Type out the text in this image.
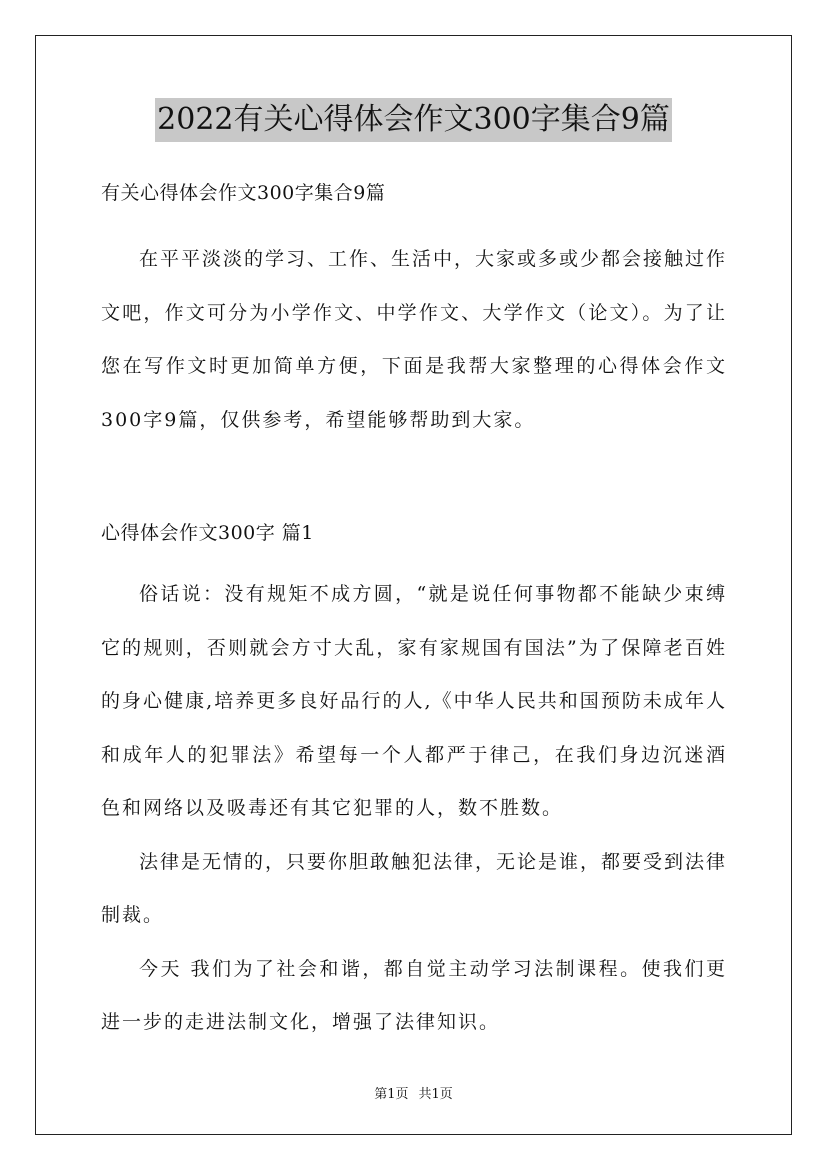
2022有关心得体会作文300字集合9篇

有关心得体会作文300字集合9篇

在平平淡淡的学习、工作、生活中，大家或多或少都会接触过作文吧，作文可分为小学作文、中学作文、大学作文（论文）。为了让您在写作文时更加简单方便，下面是我帮大家整理的心得体会作文300字9篇，仅供参考，希望能够帮助到大家。

心得体会作文300字 篇1

俗话说：没有规矩不成方圆，“就是说任何事物都不能缺少束缚它的规则，否则就会方寸大乱，家有家规国有国法”为了保障老百姓的身心健康,培养更多良好品行的人,《中华人民共和国预防未成年人和成年人的犯罪法》希望每一个人都严于律己，在我们身边沉迷酒色和网络以及吸毒还有其它犯罪的人，数不胜数。

法律是无情的，只要你胆敢触犯法律，无论是谁，都要受到法律制裁。

今天 我们为了社会和谐，都自觉主动学习法制课程。使我们更进一步的走进法制文化，增强了法律知识。

第1页 共1页
